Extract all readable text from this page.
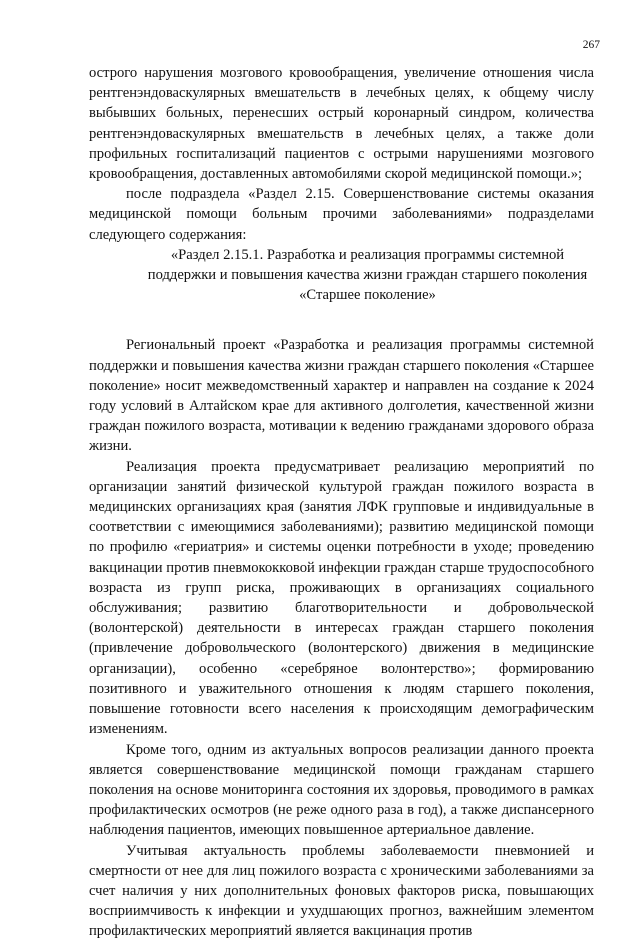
267

острого нарушения мозгового кровообращения, увеличение отношения числа рентгенэндоваскулярных вмешательств в лечебных целях, к общему числу выбывших больных, перенесших острый коронарный синдром, количества рентгенэндоваскулярных вмешательств в лечебных целях, а также доли профильных госпитализаций пациентов с острыми нарушениями мозгового кровообращения, доставленных автомобилями скорой медицинской помощи.»;

после подраздела «Раздел 2.15. Совершенствование системы оказания медицинской помощи больным прочими заболеваниями» подразделами следующего содержания:

«Раздел 2.15.1. Разработка и реализация программы системной поддержки и повышения качества жизни граждан старшего поколения «Старшее поколение»

Региональный проект «Разработка и реализация программы системной поддержки и повышения качества жизни граждан старшего поколения «Старшее поколение» носит межведомственный характер и направлен на создание к 2024 году условий в Алтайском крае для активного долголетия, качественной жизни граждан пожилого возраста, мотивации к ведению гражданами здорового образа жизни.

Реализация проекта предусматривает реализацию мероприятий по организации занятий физической культурой граждан пожилого возраста в медицинских организациях края (занятия ЛФК групповые и индивидуальные в соответствии с имеющимися заболеваниями); развитию медицинской помощи по профилю «гериатрия» и системы оценки потребности в уходе; проведению вакцинации против пневмококковой инфекции граждан старше трудоспособного возраста из групп риска, проживающих в организациях социального обслуживания; развитию благотворительности и добровольческой (волонтерской) деятельности в интересах граждан старшего поколения (привлечение добровольческого (волонтерского) движения в медицинские организации), особенно «серебряное волонтерство»; формированию позитивного и уважительного отношения к людям старшего поколения, повышение готовности всего населения к происходящим демографическим изменениям.

Кроме того, одним из актуальных вопросов реализации данного проекта является совершенствование медицинской помощи гражданам старшего поколения на основе мониторинга состояния их здоровья, проводимого в рамках профилактических осмотров (не реже одного раза в год), а также диспансерного наблюдения пациентов, имеющих повышенное артериальное давление.

Учитывая актуальность проблемы заболеваемости пневмонией и смертности от нее для лиц пожилого возраста с хроническими заболеваниями за счет наличия у них дополнительных фоновых факторов риска, повышающих восприимчивость к инфекции и ухудшающих прогноз, важнейшим элементом профилактических мероприятий является вакцинация против
